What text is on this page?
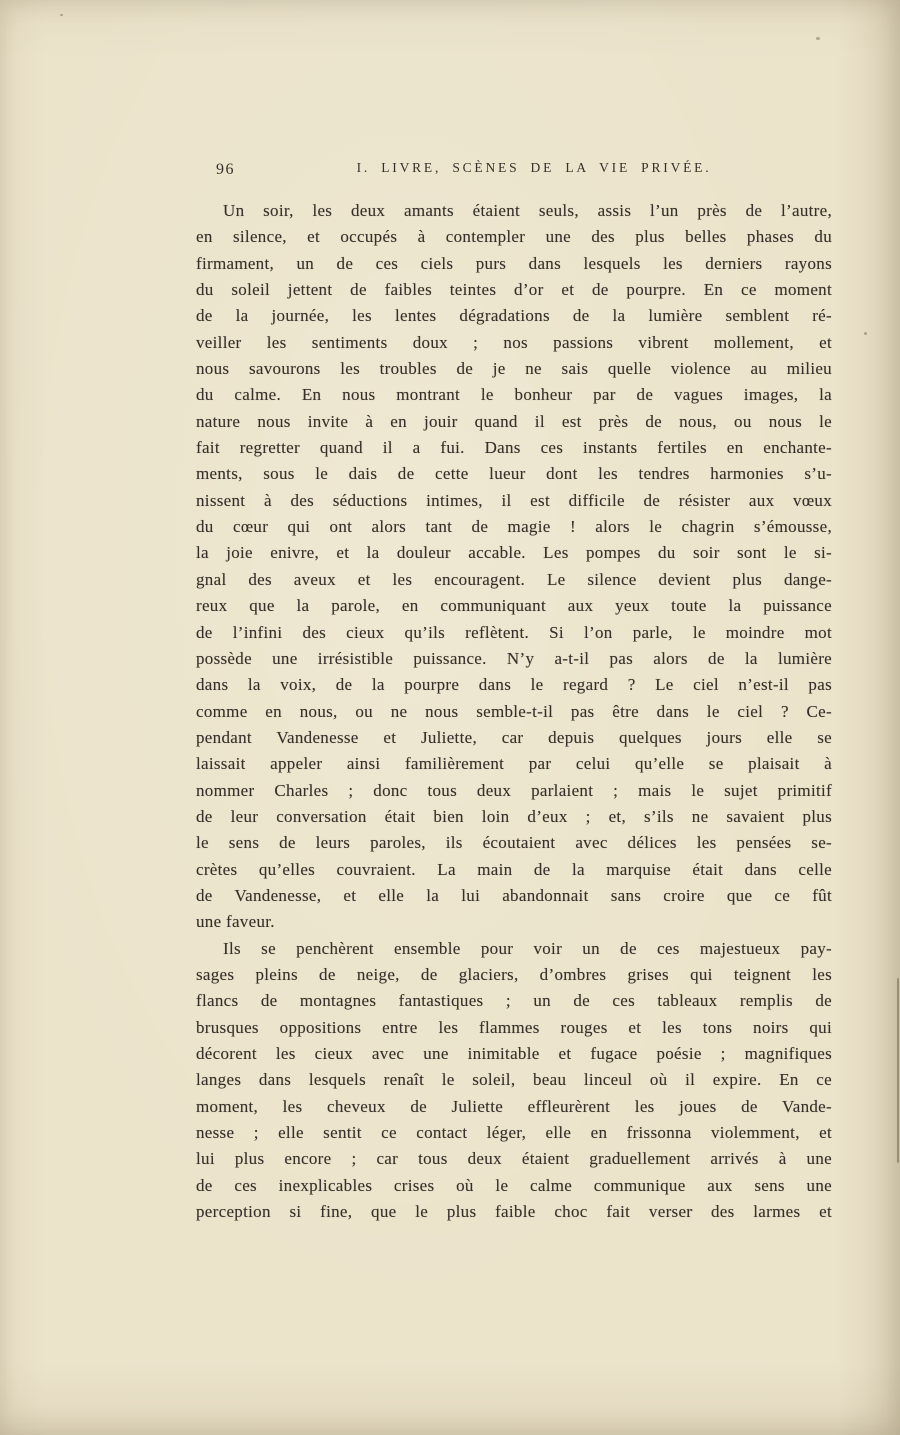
96	I. LIVRE, SCÈNES DE LA VIE PRIVÉE.
Un soir, les deux amants étaient seuls, assis l’un près de l’autre,
en silence, et occupés à contempler une des plus belles phases du
firmament, un de ces ciels purs dans lesquels les derniers rayons
du soleil jettent de faibles teintes d’or et de pourpre. En ce moment
de la journée, les lentes dégradations de la lumière semblent ré-
veiller les sentiments doux ; nos passions vibrent mollement, et
nous savourons les troubles de je ne sais quelle violence au milieu
du calme. En nous montrant le bonheur par de vagues images, la
nature nous invite à en jouir quand il est près de nous, ou nous le
fait regretter quand il a fui. Dans ces instants fertiles en enchante-
ments, sous le dais de cette lueur dont les tendres harmonies s’u-
nissent à des séductions intimes, il est difficile de résister aux vœux
du cœur qui ont alors tant de magie ! alors le chagrin s’émousse,
la joie enivre, et la douleur accable. Les pompes du soir sont le si-
gnal des aveux et les encouragent. Le silence devient plus dange-
reux que la parole, en communiquant aux yeux toute la puissance
de l’infini des cieux qu’ils reflètent. Si l’on parle, le moindre mot
possède une irrésistible puissance. N’y a-t-il pas alors de la lumière
dans la voix, de la pourpre dans le regard ? Le ciel n’est-il pas
comme en nous, ou ne nous semble-t-il pas être dans le ciel ? Ce-
pendant Vandenesse et Juliette, car depuis quelques jours elle se
laissait appeler ainsi familièrement par celui qu’elle se plaisait à
nommer Charles ; donc tous deux parlaient ; mais le sujet primitif
de leur conversation était bien loin d’eux ; et, s’ils ne savaient plus
le sens de leurs paroles, ils écoutaient avec délices les pensées se-
crètes qu’elles couvraient. La main de la marquise était dans celle
de Vandenesse, et elle la lui abandonnait sans croire que ce fût
une faveur.
Ils se penchèrent ensemble pour voir un de ces majestueux pay-
sages pleins de neige, de glaciers, d’ombres grises qui teignent les
flancs de montagnes fantastiques ; un de ces tableaux remplis de
brusques oppositions entre les flammes rouges et les tons noirs qui
décorent les cieux avec une inimitable et fugace poésie ; magnifiques
langes dans lesquels renaît le soleil, beau linceul où il expire. En ce
moment, les cheveux de Juliette effleurèrent les joues de Vande-
nesse ; elle sentit ce contact léger, elle en frissonna violemment, et
lui plus encore ; car tous deux étaient graduellement arrivés à une
de ces inexplicables crises où le calme communique aux sens une
perception si fine, que le plus faible choc fait verser des larmes et
